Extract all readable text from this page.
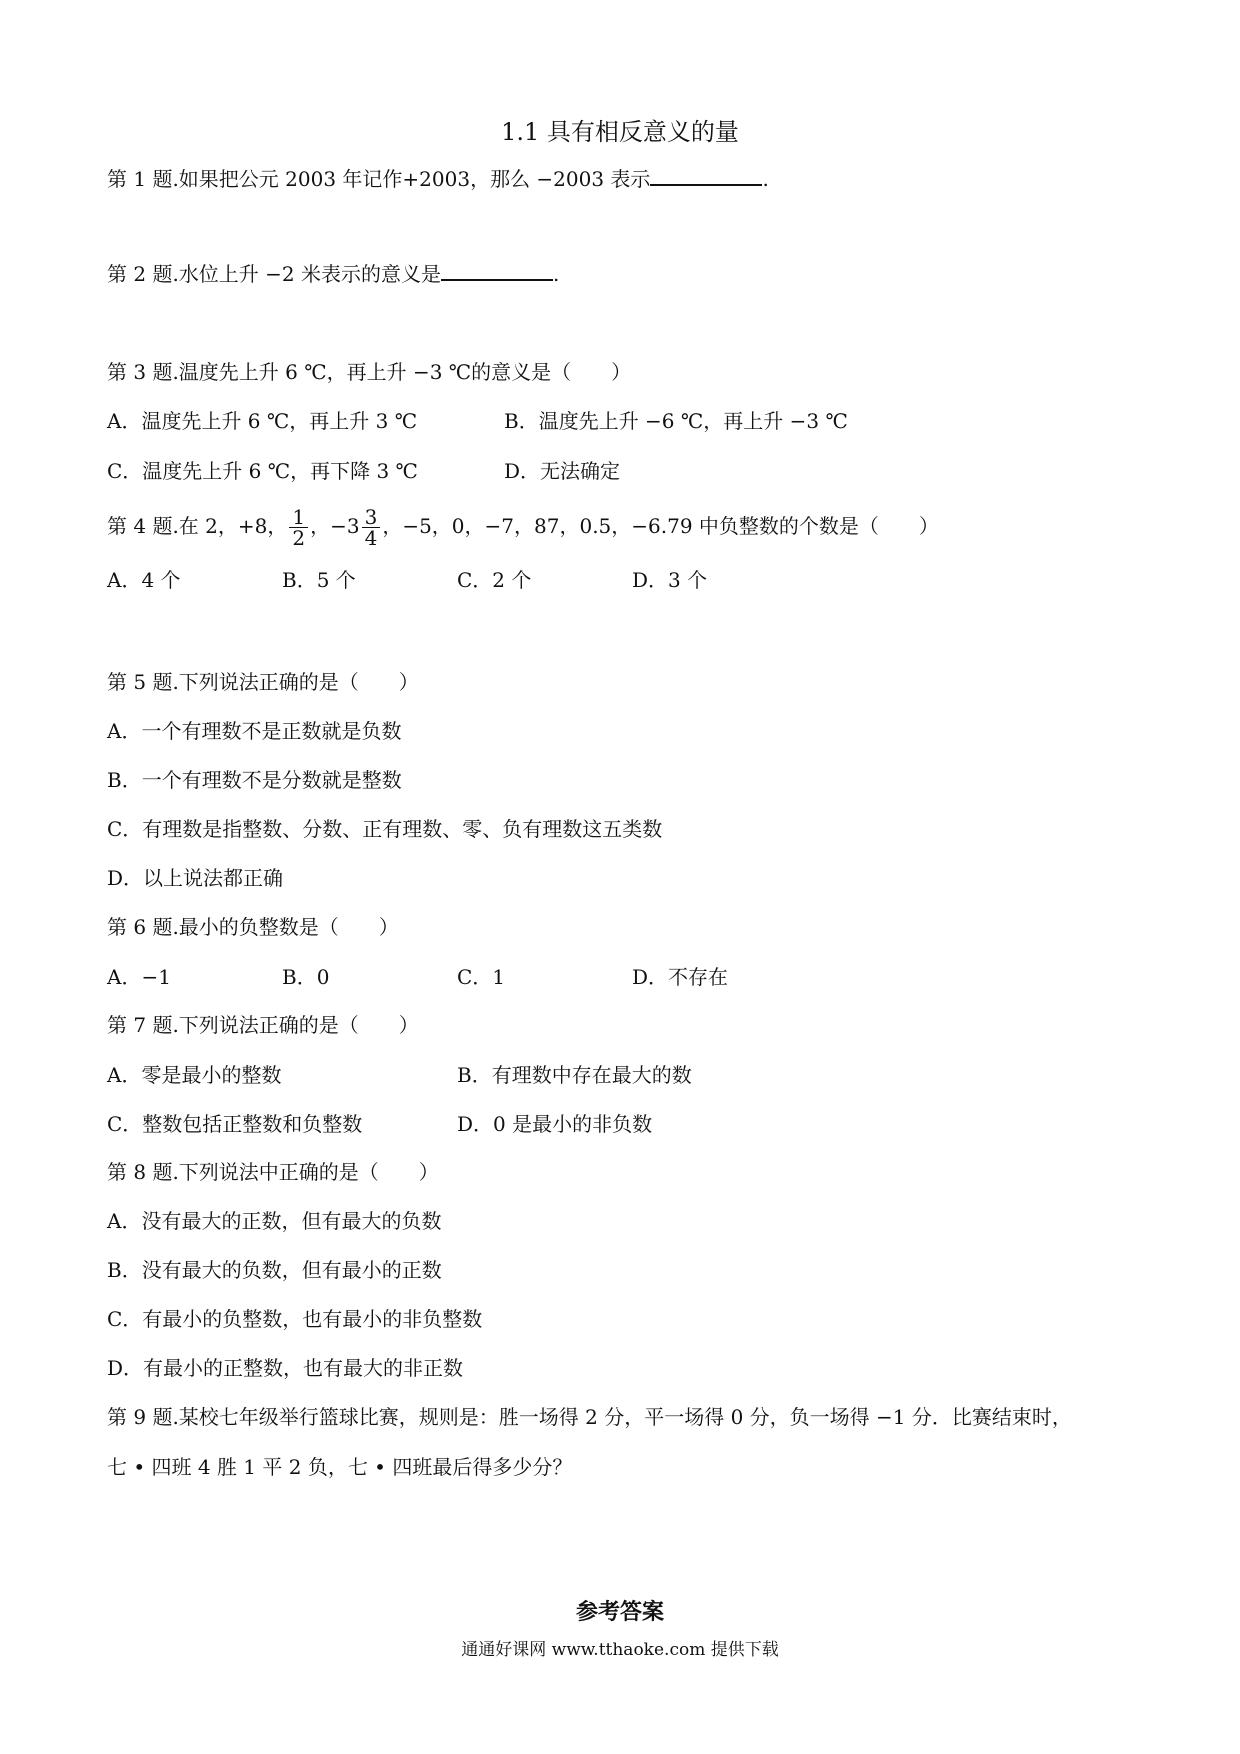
1.1 具有相反意义的量
第 1 题.如果把公元 2003 年记作+2003，那么 −2003 表示	.
第 2 题.水位上升 −2 米表示的意义是	.
第 3 题.温度先上升 6 ℃，再上升 −3 ℃的意义是（　　）
A．温度先上升 6 ℃，再上升 3 ℃	B．温度先上升 −6 ℃，再上升 −3 ℃
C．温度先上升 6 ℃，再下降 3 ℃	D．无法确定
第 4 题.在 2，+8， $\frac{1}{2}$ ，$-3 \frac{3}{4}$ ，−5，0，−7，87，0.5，−6.79 中负整数的个数是（　　）
A．4 个	B．5 个	C．2 个	D．3 个
第 5 题.下列说法正确的是（　　）
A．一个有理数不是正数就是负数
B．一个有理数不是分数就是整数
C．有理数是指整数、分数、正有理数、零、负有理数这五类数
D．以上说法都正确
第 6 题.最小的负整数是（　　）
A．−1	B．0	C．1	D．不存在
第 7 题.下列说法正确的是（　　）
A．零是最小的整数	B．有理数中存在最大的数
C．整数包括正整数和负整数	D．0 是最小的非负数
第 8 题.下列说法中正确的是（　　）
A．没有最大的正数，但有最大的负数
B．没有最大的负数，但有最小的正数
C．有最小的负整数，也有最小的非负整数
D．有最小的正整数，也有最大的非正数
第 9 题.某校七年级举行篮球比赛，规则是：胜一场得 2 分，平一场得 0 分，负一场得 −1 分．比赛结束时，
七 • 四班 4 胜 1 平 2 负，七 • 四班最后得多少分？
参考答案
通通好课网 www.tthaoke.com 提供下载
